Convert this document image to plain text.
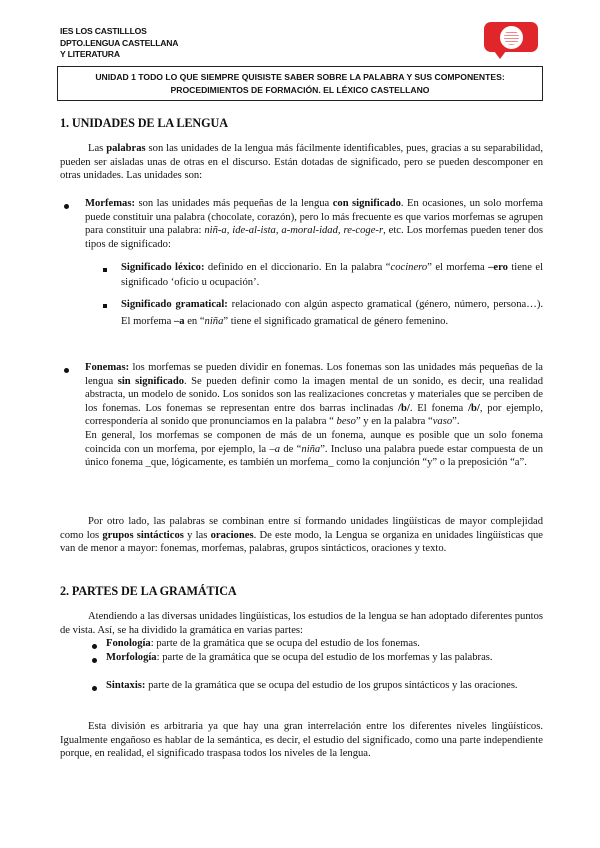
IES LOS CASTILLLOS
DPTO.LENGUA CASTELLANA
Y LITERATURA
UNIDAD 1 TODO LO QUE SIEMPRE QUISISTE SABER SOBRE LA PALABRA Y SUS COMPONENTES:
PROCEDIMIENTOS DE FORMACIÓN. EL LÉXICO CASTELLANO
1. UNIDADES DE LA LENGUA
Las palabras son las unidades de la lengua más fácilmente identificables, pues, gracias a su separabilidad, pueden ser aisladas unas de otras en el discurso. Están dotadas de significado, pero se pueden descomponer en otras unidades. Las unidades son:
Morfemas: son las unidades más pequeñas de la lengua con significado. En ocasiones, un solo morfema puede constituir una palabra (chocolate, corazón), pero lo más frecuente es que varios morfemas se agrupen para constituir una palabra: niñ-a, ide-al-ista, a-moral-idad, re-coge-r, etc. Los morfemas pueden tener dos tipos de significado:
Significado léxico: definido en el diccionario. En la palabra “cocinero” el morfema –ero tiene el significado ‘oficio u ocupación’.
Significado gramatical: relacionado con algún aspecto gramatical (género, número, persona…). El morfema –a en “niña” tiene el significado gramatical de género femenino.
Fonemas: los morfemas se pueden dividir en fonemas. Los fonemas son las unidades más pequeñas de la lengua sin significado. Se pueden definir como la imagen mental de un sonido, es decir, una realidad abstracta, un modelo de sonido. Los sonidos son las realizaciones concretas y materiales que se perciben de los fonemas. Los fonemas se representan entre dos barras inclinadas /b/. El fonema /b/, por ejemplo, correspondería al sonido que pronunciamos en la palabra “ beso” y en la palabra “vaso”.
En general, los morfemas se componen de más de un fonema, aunque es posible que un solo fonema coincida con un morfema, por ejemplo, la –a de “niña”. Incluso una palabra puede estar compuesta de un único fonema _que, lógicamente, es también un morfema_ como la conjunción “y” o la preposición “a”.
Por otro lado, las palabras se combinan entre sí formando unidades lingüísticas de mayor complejidad como los grupos sintácticos y las oraciones. De este modo, la Lengua se organiza en unidades lingüísticas que van de menor a mayor: fonemas, morfemas, palabras, grupos sintácticos, oraciones y texto.
2. PARTES DE LA GRAMÁTICA
Atendiendo a las diversas unidades lingüísticas, los estudios de la lengua se han adoptado diferentes puntos de vista. Así, se ha dividido la gramática en varias partes:
Fonología: parte de la gramática que se ocupa del estudio de los fonemas.
Morfología: parte de la gramática que se ocupa del estudio de los morfemas y las palabras.
Sintaxis: parte de la gramática que se ocupa del estudio de los grupos sintácticos y las oraciones.
Esta división es arbitraria ya que hay una gran interrelación entre los diferentes niveles lingüísticos. Igualmente engañoso es hablar de la semántica, es decir, el estudio del significado, como una parte independiente porque, en realidad, el significado traspasa todos los niveles de la lengua.
